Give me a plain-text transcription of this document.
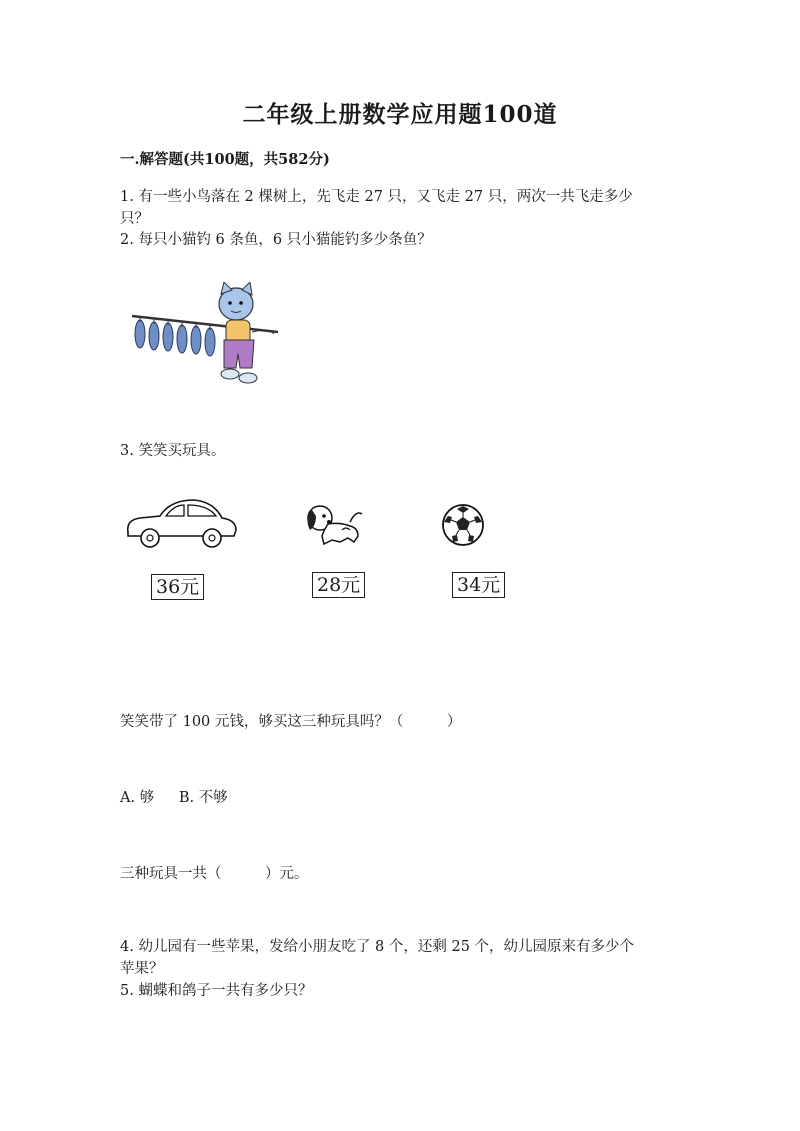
二年级上册数学应用题100道
一.解答题(共100题，共582分)
1. 有一些小鸟落在 2 棵树上，先飞走 27 只，又飞走 27 只，两次一共飞走多少
只？
2. 每只小猫钓 6 条鱼，6 只小猫能钓多少条鱼？
3. 笑笑买玩具。
36元	28元	34元
笑笑带了 100 元钱，够买这三种玩具吗？（　　　）
A. 够 B. 不够
三种玩具一共（　　　）元。
4. 幼儿园有一些苹果，发给小朋友吃了 8 个，还剩 25 个，幼儿园原来有多少个
苹果？
5. 蝴蝶和鸽子一共有多少只？
